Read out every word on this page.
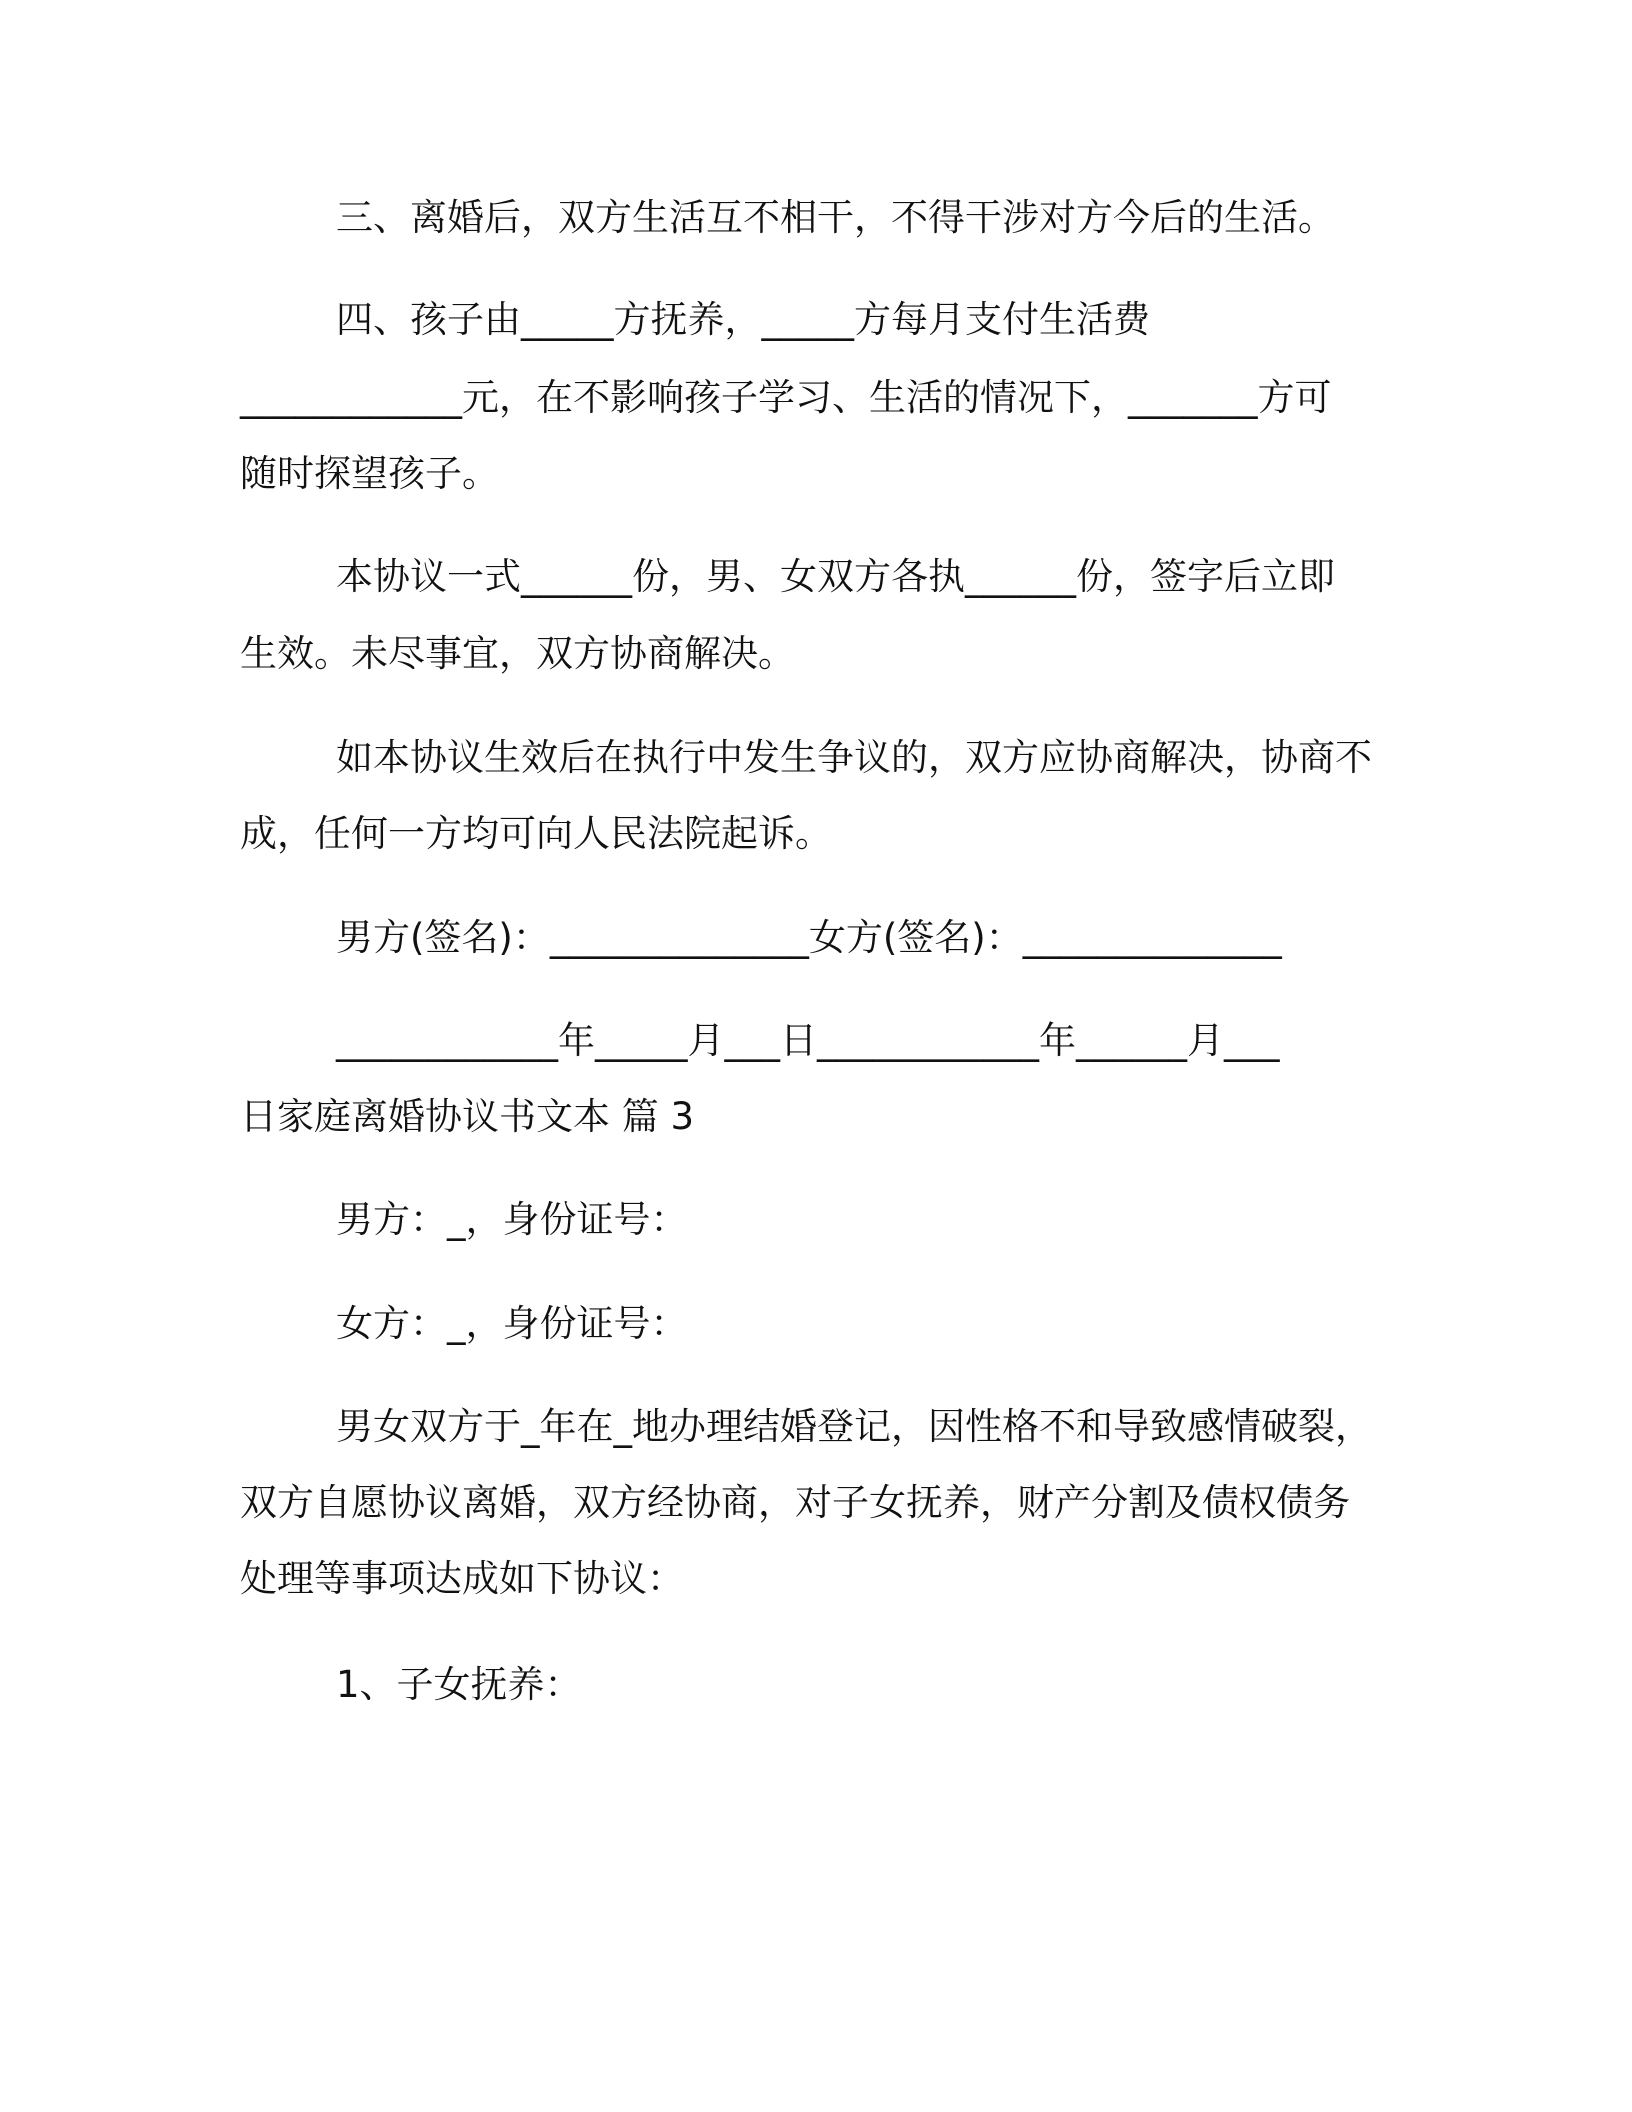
三、离婚后，双方生活互不相干，不得干涉对方今后的生活。
四、孩子由_____方抚养，_____方每月支付生活费
____________元，在不影响孩子学习、生活的情况下，_______方可
随时探望孩子。
本协议一式______份，男、女双方各执______份，签字后立即
生效。未尽事宜，双方协商解决。
如本协议生效后在执行中发生争议的，双方应协商解决，协商不
成，任何一方均可向人民法院起诉。
男方(签名)：______________女方(签名)：______________
____________年_____月___日____________年______月___
日家庭离婚协议书文本 篇 3
男方：_，身份证号：
女方：_，身份证号：
男女双方于_年在_地办理结婚登记，因性格不和导致感情破裂，
双方自愿协议离婚，双方经协商，对子女抚养，财产分割及债权债务
处理等事项达成如下协议：
1、子女抚养：
